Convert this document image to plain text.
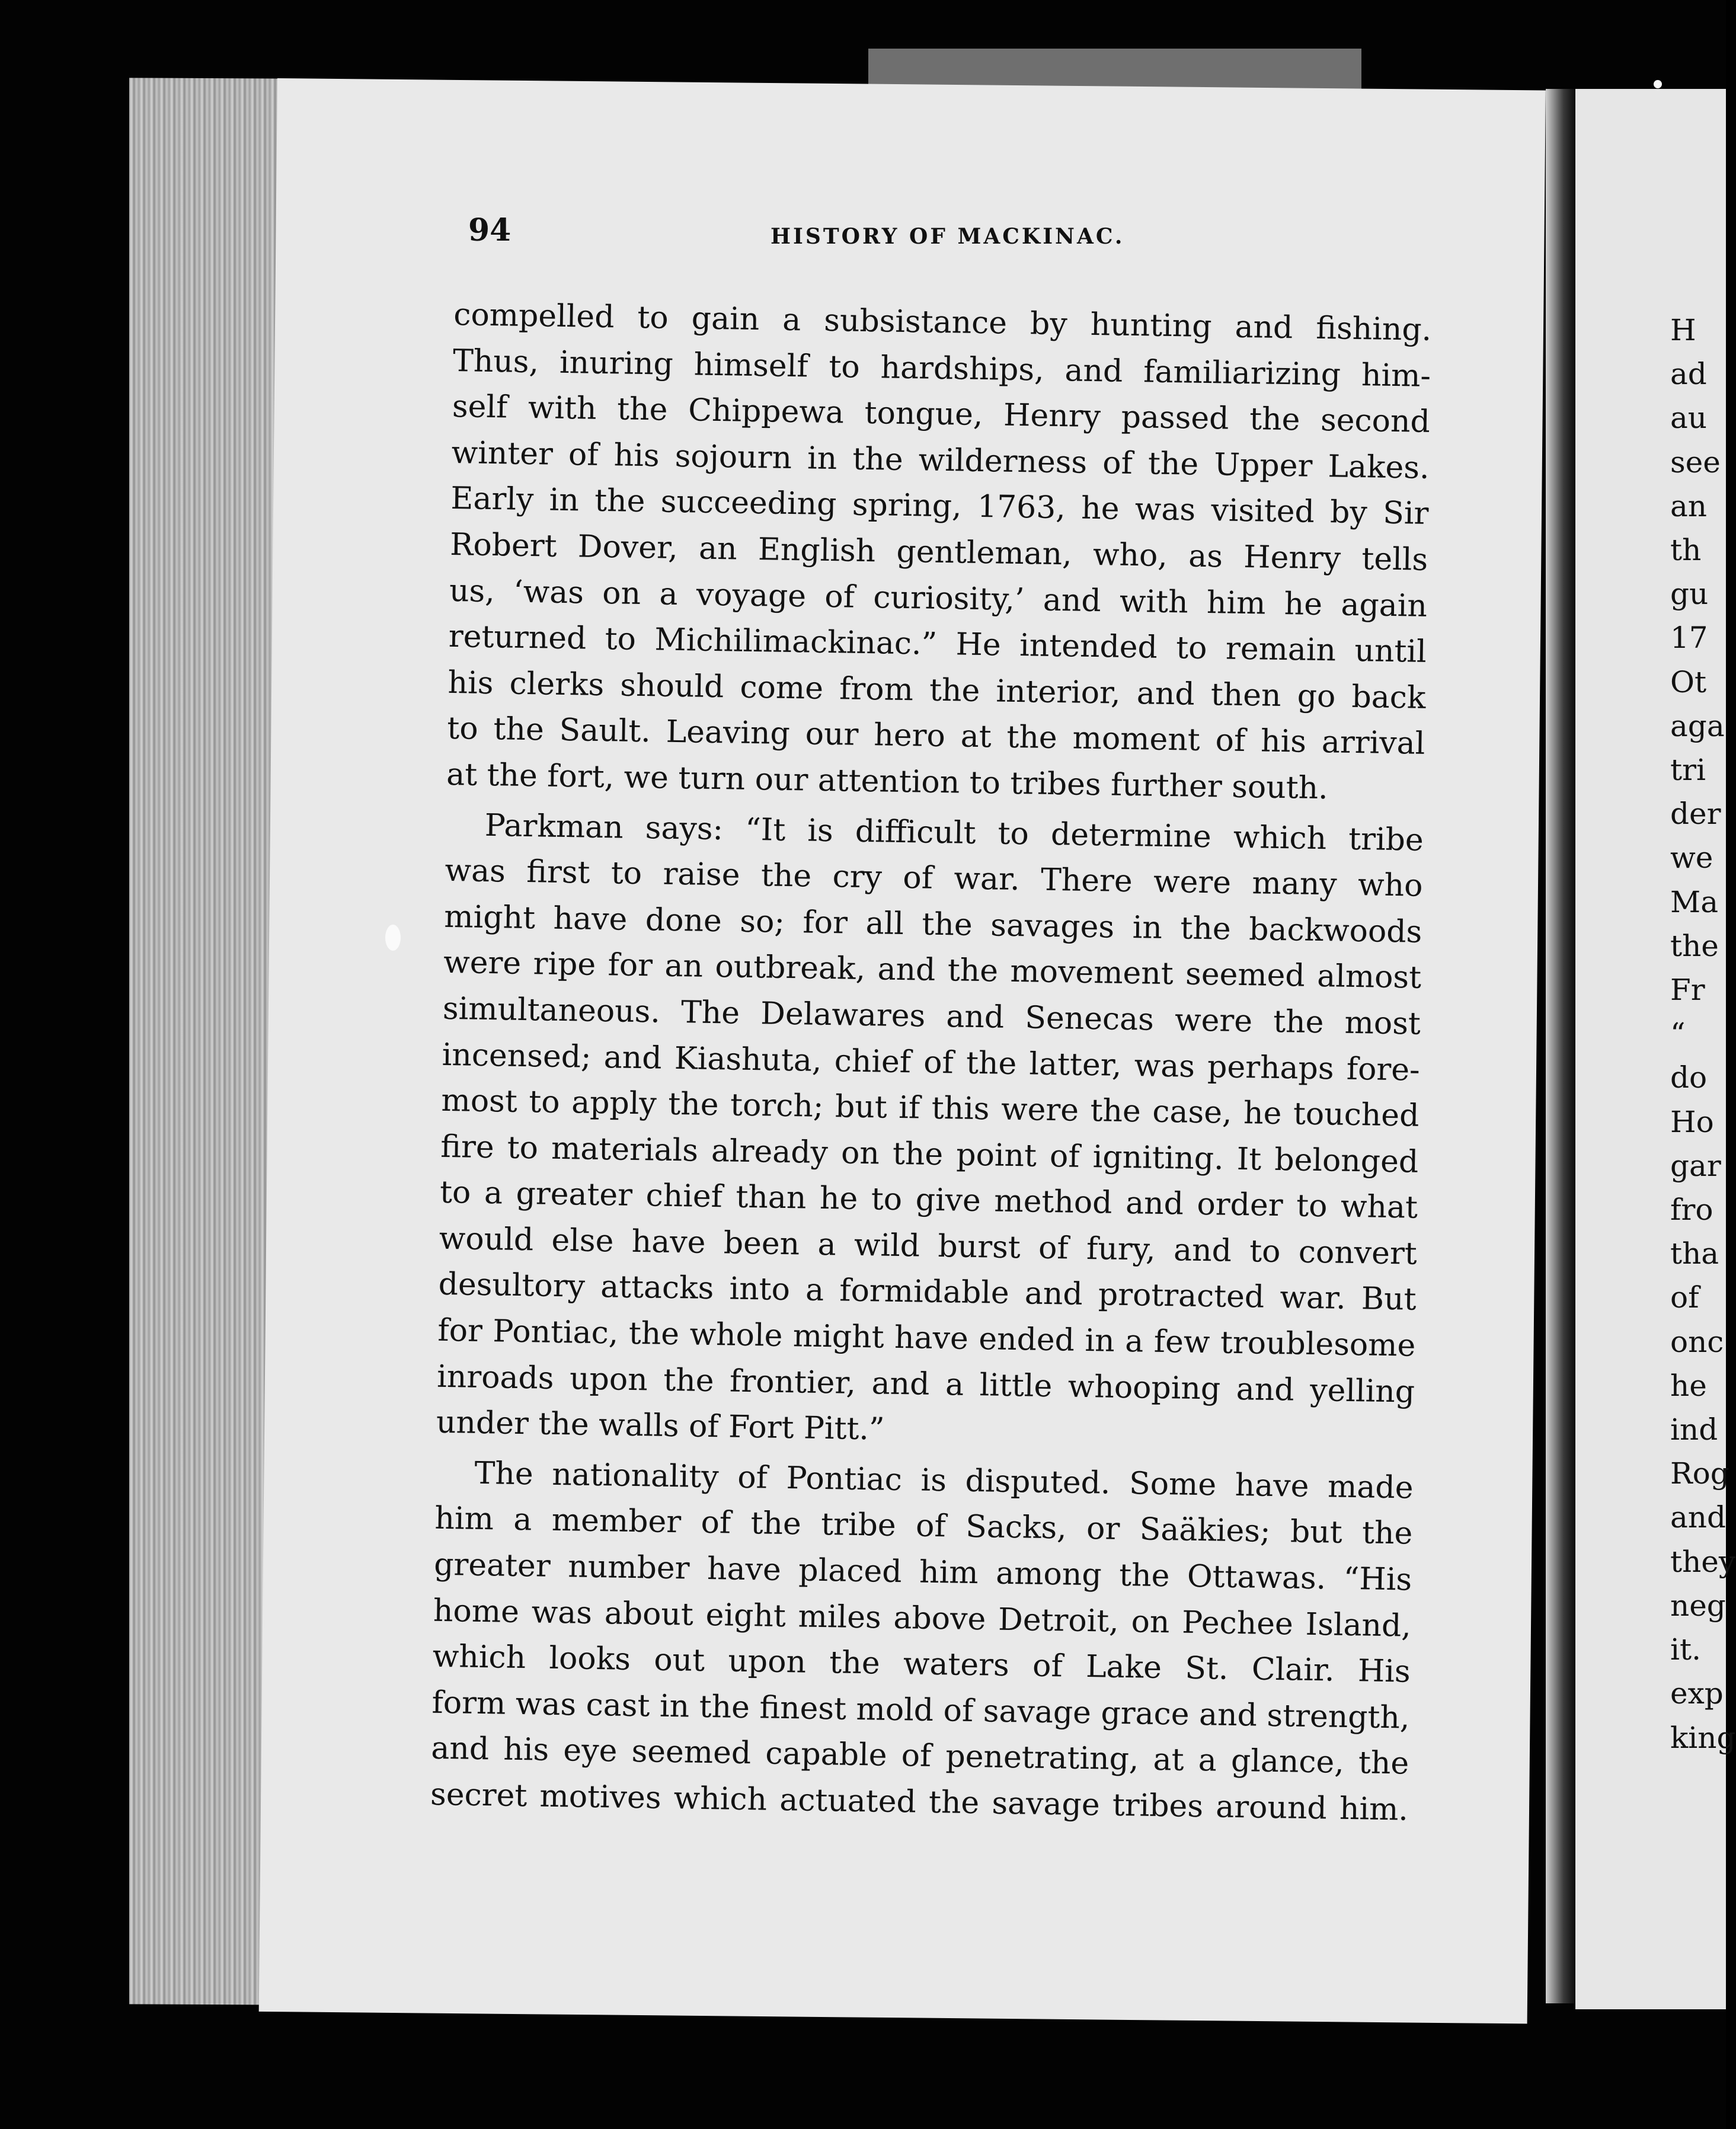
94	HISTORY OF MACKINAC.
compelled to gain a subsistance by hunting and fishing.
Thus, inuring himself to hardships, and familiarizing him-
self with the Chippewa tongue, Henry passed the second
winter of his sojourn in the wilderness of the Upper Lakes.
Early in the succeeding spring, 1763, he was visited by Sir
Robert Dover, an English gentleman, who, as Henry tells
us, ‘was on a voyage of curiosity,’ and with him he again
returned to Michilimackinac.” He intended to remain until
his clerks should come from the interior, and then go back
to the Sault. Leaving our hero at the moment of his arrival
at the fort, we turn our attention to tribes further south.
Parkman says: “It is difficult to determine which tribe
was first to raise the cry of war. There were many who
might have done so; for all the savages in the backwoods
were ripe for an outbreak, and the movement seemed almost
simultaneous. The Delawares and Senecas were the most
incensed; and Kiashuta, chief of the latter, was perhaps fore-
most to apply the torch; but if this were the case, he touched
fire to materials already on the point of igniting. It belonged
to a greater chief than he to give method and order to what
would else have been a wild burst of fury, and to convert
desultory attacks into a formidable and protracted war. But
for Pontiac, the whole might have ended in a few troublesome
inroads upon the frontier, and a little whooping and yelling
under the walls of Fort Pitt.”
The nationality of Pontiac is disputed. Some have made
him a member of the tribe of Sacks, or Saäkies; but the
greater number have placed him among the Ottawas. “His
home was about eight miles above Detroit, on Pechee Island,
which looks out upon the waters of Lake St. Clair. His
form was cast in the finest mold of savage grace and strength,
and his eye seemed capable of penetrating, at a glance, the
secret motives which actuated the savage tribes around him.
H
ad
au
see
an
th
gu
17
Ot
aga
tri
der
we
Ma
the
Fr
“
do
Ho
gar
fro
tha
of
onc
he
ind
Rog
and
they
neg
it.
exp
king
